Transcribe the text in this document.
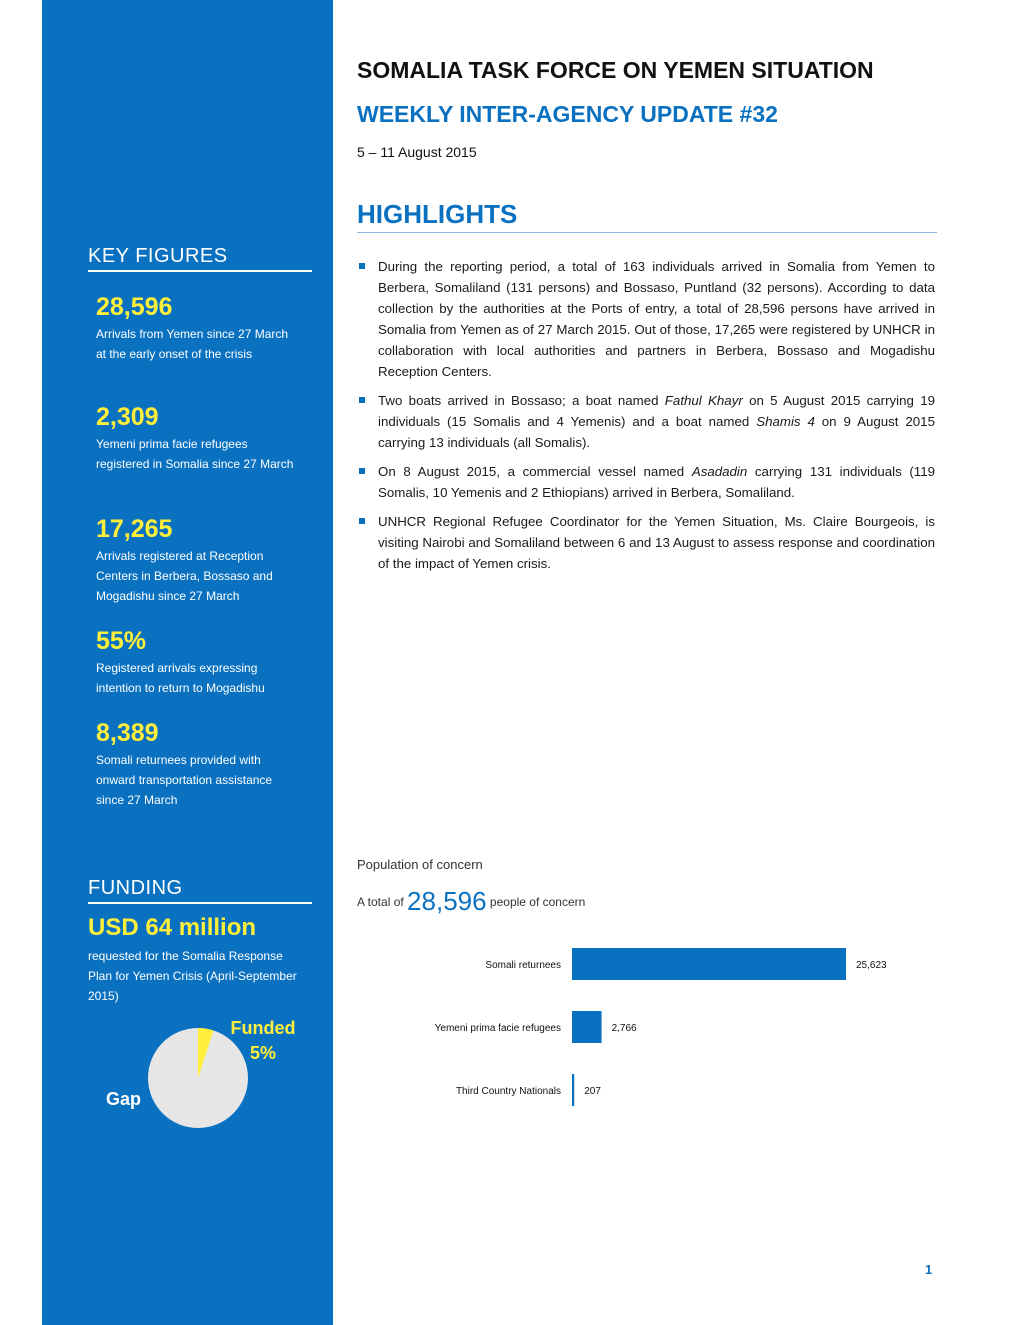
KEY FIGURES
28,596
Arrivals from Yemen since 27 March at the early onset of the crisis
2,309
Yemeni prima facie refugees registered in Somalia since 27 March
17,265
Arrivals registered at Reception Centers in Berbera, Bossaso and Mogadishu since 27 March
55%
Registered arrivals expressing intention to return to Mogadishu
8,389
Somali returnees provided with onward transportation assistance since 27 March
FUNDING
USD 64 million
requested for the Somalia Response Plan for Yemen Crisis (April-September 2015)
Gap
Funded
5%
SOMALIA TASK FORCE ON YEMEN SITUATION
WEEKLY INTER-AGENCY UPDATE #32
5 – 11 August 2015
HIGHLIGHTS
During the reporting period, a total of 163 individuals arrived in Somalia from Yemen to Berbera, Somaliland (131 persons) and Bossaso, Puntland (32 persons). According to data collection by the authorities at the Ports of entry, a total of 28,596 persons have arrived in Somalia from Yemen as of 27 March 2015. Out of those, 17,265 were registered by UNHCR in collaboration with local authorities and partners in Berbera, Bossaso and Mogadishu Reception Centers.
Two boats arrived in Bossaso; a boat named Fathul Khayr on 5 August 2015 carrying 19 individuals (15 Somalis and 4 Yemenis) and a boat named Shamis 4 on 9 August 2015 carrying 13 individuals (all Somalis).
On 8 August 2015, a commercial vessel named Asadadin carrying 131 individuals (119 Somalis, 10 Yemenis and 2 Ethiopians) arrived in Berbera, Somaliland.
UNHCR Regional Refugee Coordinator for the Yemen Situation, Ms. Claire Bourgeois, is visiting Nairobi and Somaliland between 6 and 13 August to assess response and coordination of the impact of Yemen crisis.
Population of concern
A total of 28,596 people of concern
Somali returnees	25,623
Yemeni prima facie refugees	2,766
Third Country Nationals 207
1
